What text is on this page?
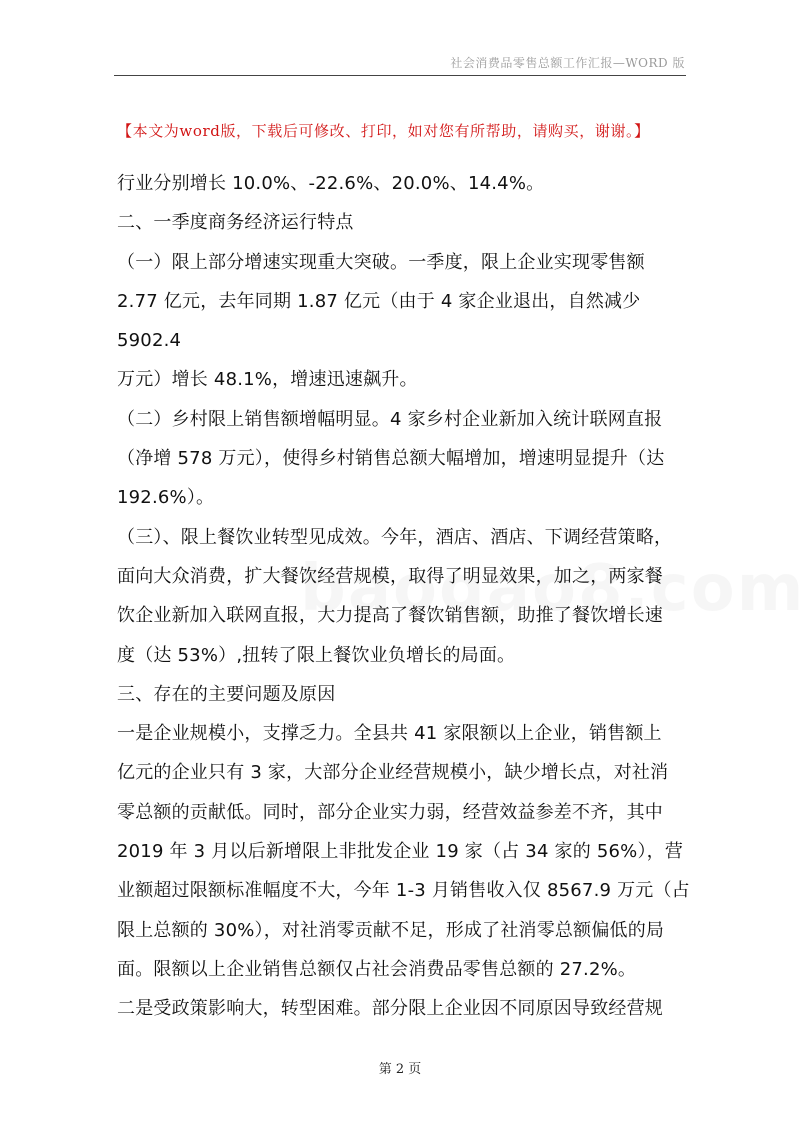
社会消费品零售总额工作汇报—WORD 版
【本文为word版，下载后可修改、打印，如对您有所帮助，请购买，谢谢。】

行业分别增长 10.0%、-22.6%、20.0%、14.4%。

二、一季度商务经济运行特点

（一）限上部分增速实现重大突破。一季度，限上企业实现零售额

2.77 亿元，去年同期 1.87 亿元（由于 4 家企业退出，自然减少 5902.4

万元）增长 48.1%，增速迅速飙升。

（二）乡村限上销售额增幅明显。4 家乡村企业新加入统计联网直报

（净增 578 万元），使得乡村销售总额大幅增加，增速明显提升（达

192.6%）。

（三）、限上餐饮业转型见成效。今年，酒店、酒店、下调经营策略，

面向大众消费，扩大餐饮经营规模，取得了明显效果，加之，两家餐

饮企业新加入联网直报，大力提高了餐饮销售额，助推了餐饮增长速

度（达 53%）,扭转了限上餐饮业负增长的局面。

三、存在的主要问题及原因

一是企业规模小，支撑乏力。全县共 41 家限额以上企业，销售额上

亿元的企业只有 3 家，大部分企业经营规模小，缺少增长点，对社消

零总额的贡献低。同时，部分企业实力弱，经营效益参差不齐，其中

2019 年 3 月以后新增限上非批发企业 19 家（占 34 家的 56%），营

业额超过限额标准幅度不大，今年 1-3 月销售收入仅 8567.9 万元（占

限上总额的 30%），对社消零贡献不足，形成了社消零总额偏低的局

面。限额以上企业销售总额仅占社会消费品零售总额的 27.2%。

二是受政策影响大，转型困难。部分限上企业因不同原因导致经营规

第 2 页
